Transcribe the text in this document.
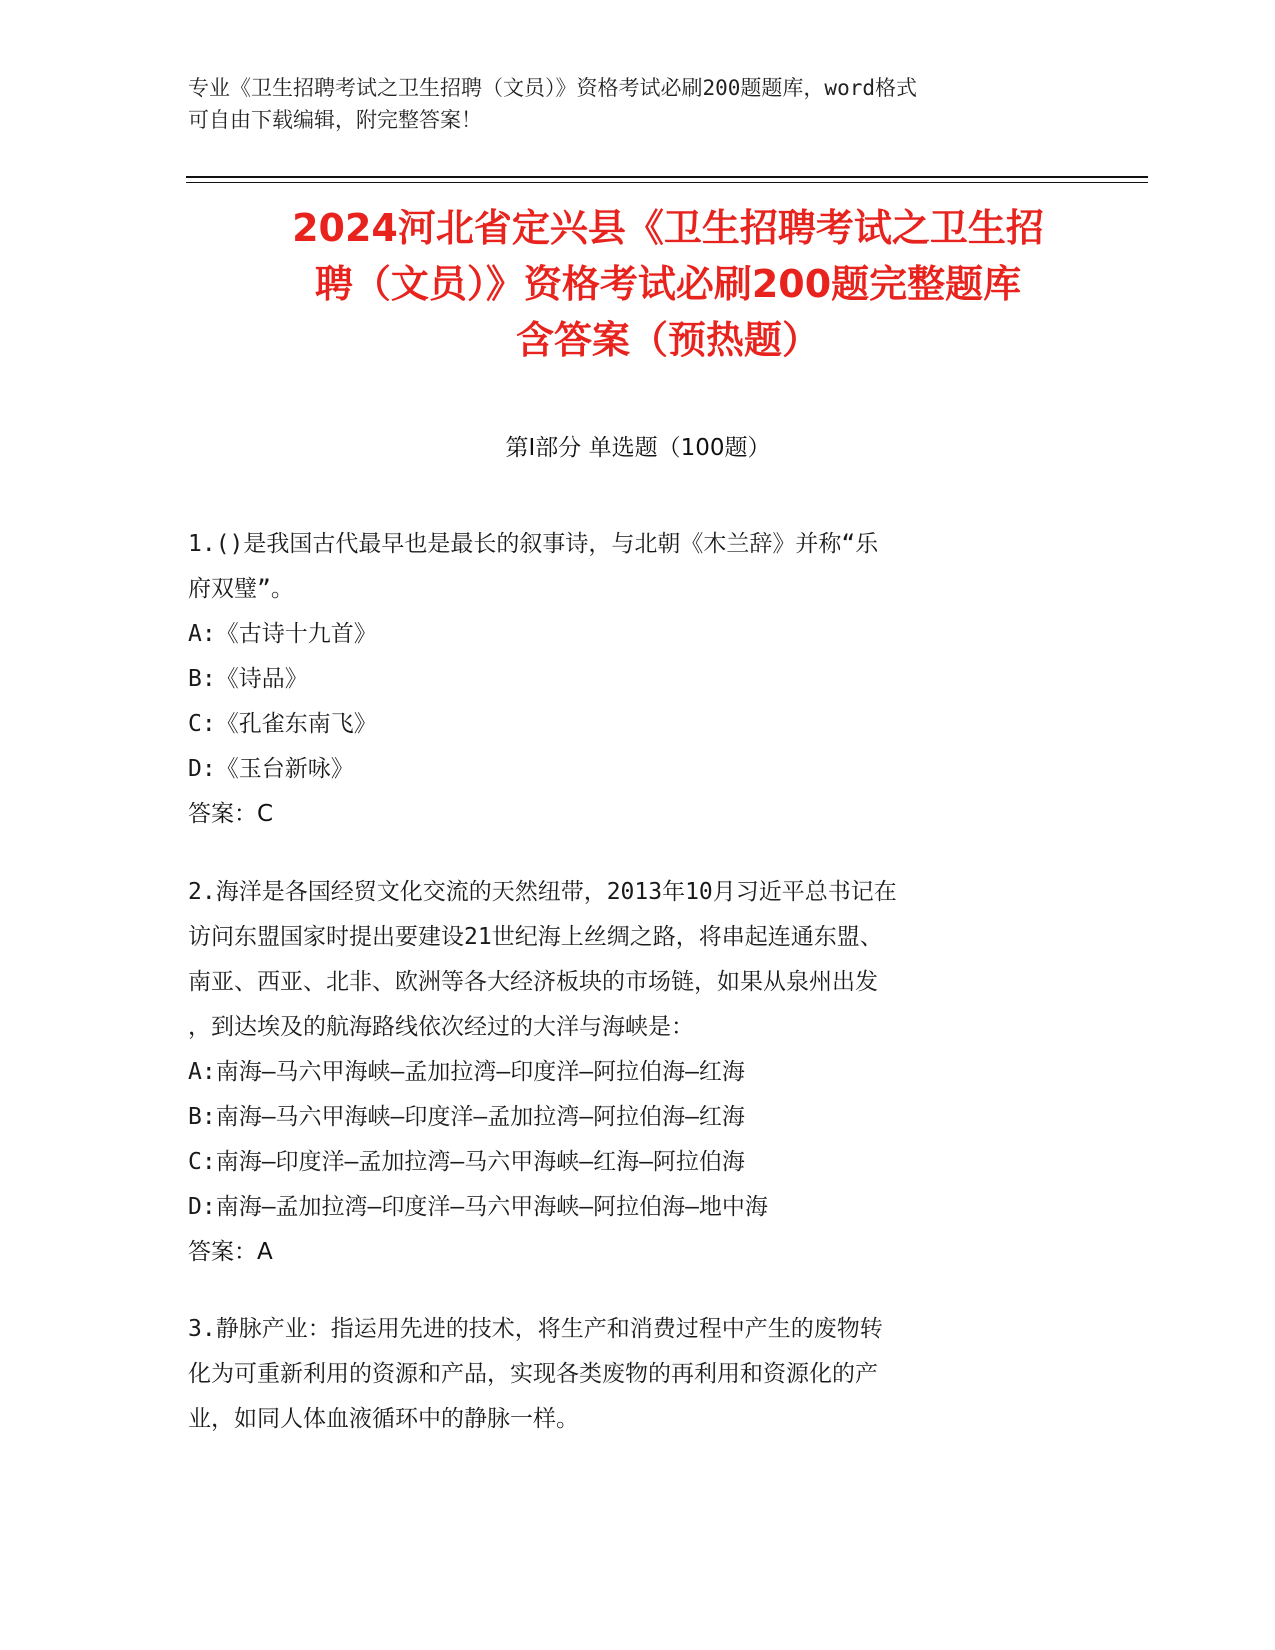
专业《卫生招聘考试之卫生招聘（文员）》资格考试必刷200题题库，word格式
可自由下载编辑，附完整答案！
2024河北省定兴县《卫生招聘考试之卫生招
聘（文员）》资格考试必刷200题完整题库
含答案（预热题）
第Ⅰ部分 单选题（100题）
1.()是我国古代最早也是最长的叙事诗，与北朝《木兰辞》并称“乐
府双璧”。
A:《古诗十九首》
B:《诗品》
C:《孔雀东南飞》
D:《玉台新咏》
答案：C
2.海洋是各国经贸文化交流的天然纽带，2013年10月习近平总书记在
访问东盟国家时提出要建设21世纪海上丝绸之路，将串起连通东盟、
南亚、西亚、北非、欧洲等各大经济板块的市场链，如果从泉州出发
，到达埃及的航海路线依次经过的大洋与海峡是：
A:南海—马六甲海峡—孟加拉湾—印度洋—阿拉伯海—红海
B:南海—马六甲海峡—印度洋—孟加拉湾—阿拉伯海—红海
C:南海—印度洋—孟加拉湾—马六甲海峡—红海—阿拉伯海
D:南海—孟加拉湾—印度洋—马六甲海峡—阿拉伯海—地中海
答案：A
3.静脉产业：指运用先进的技术，将生产和消费过程中产生的废物转
化为可重新利用的资源和产品，实现各类废物的再利用和资源化的产
业，如同人体血液循环中的静脉一样。
